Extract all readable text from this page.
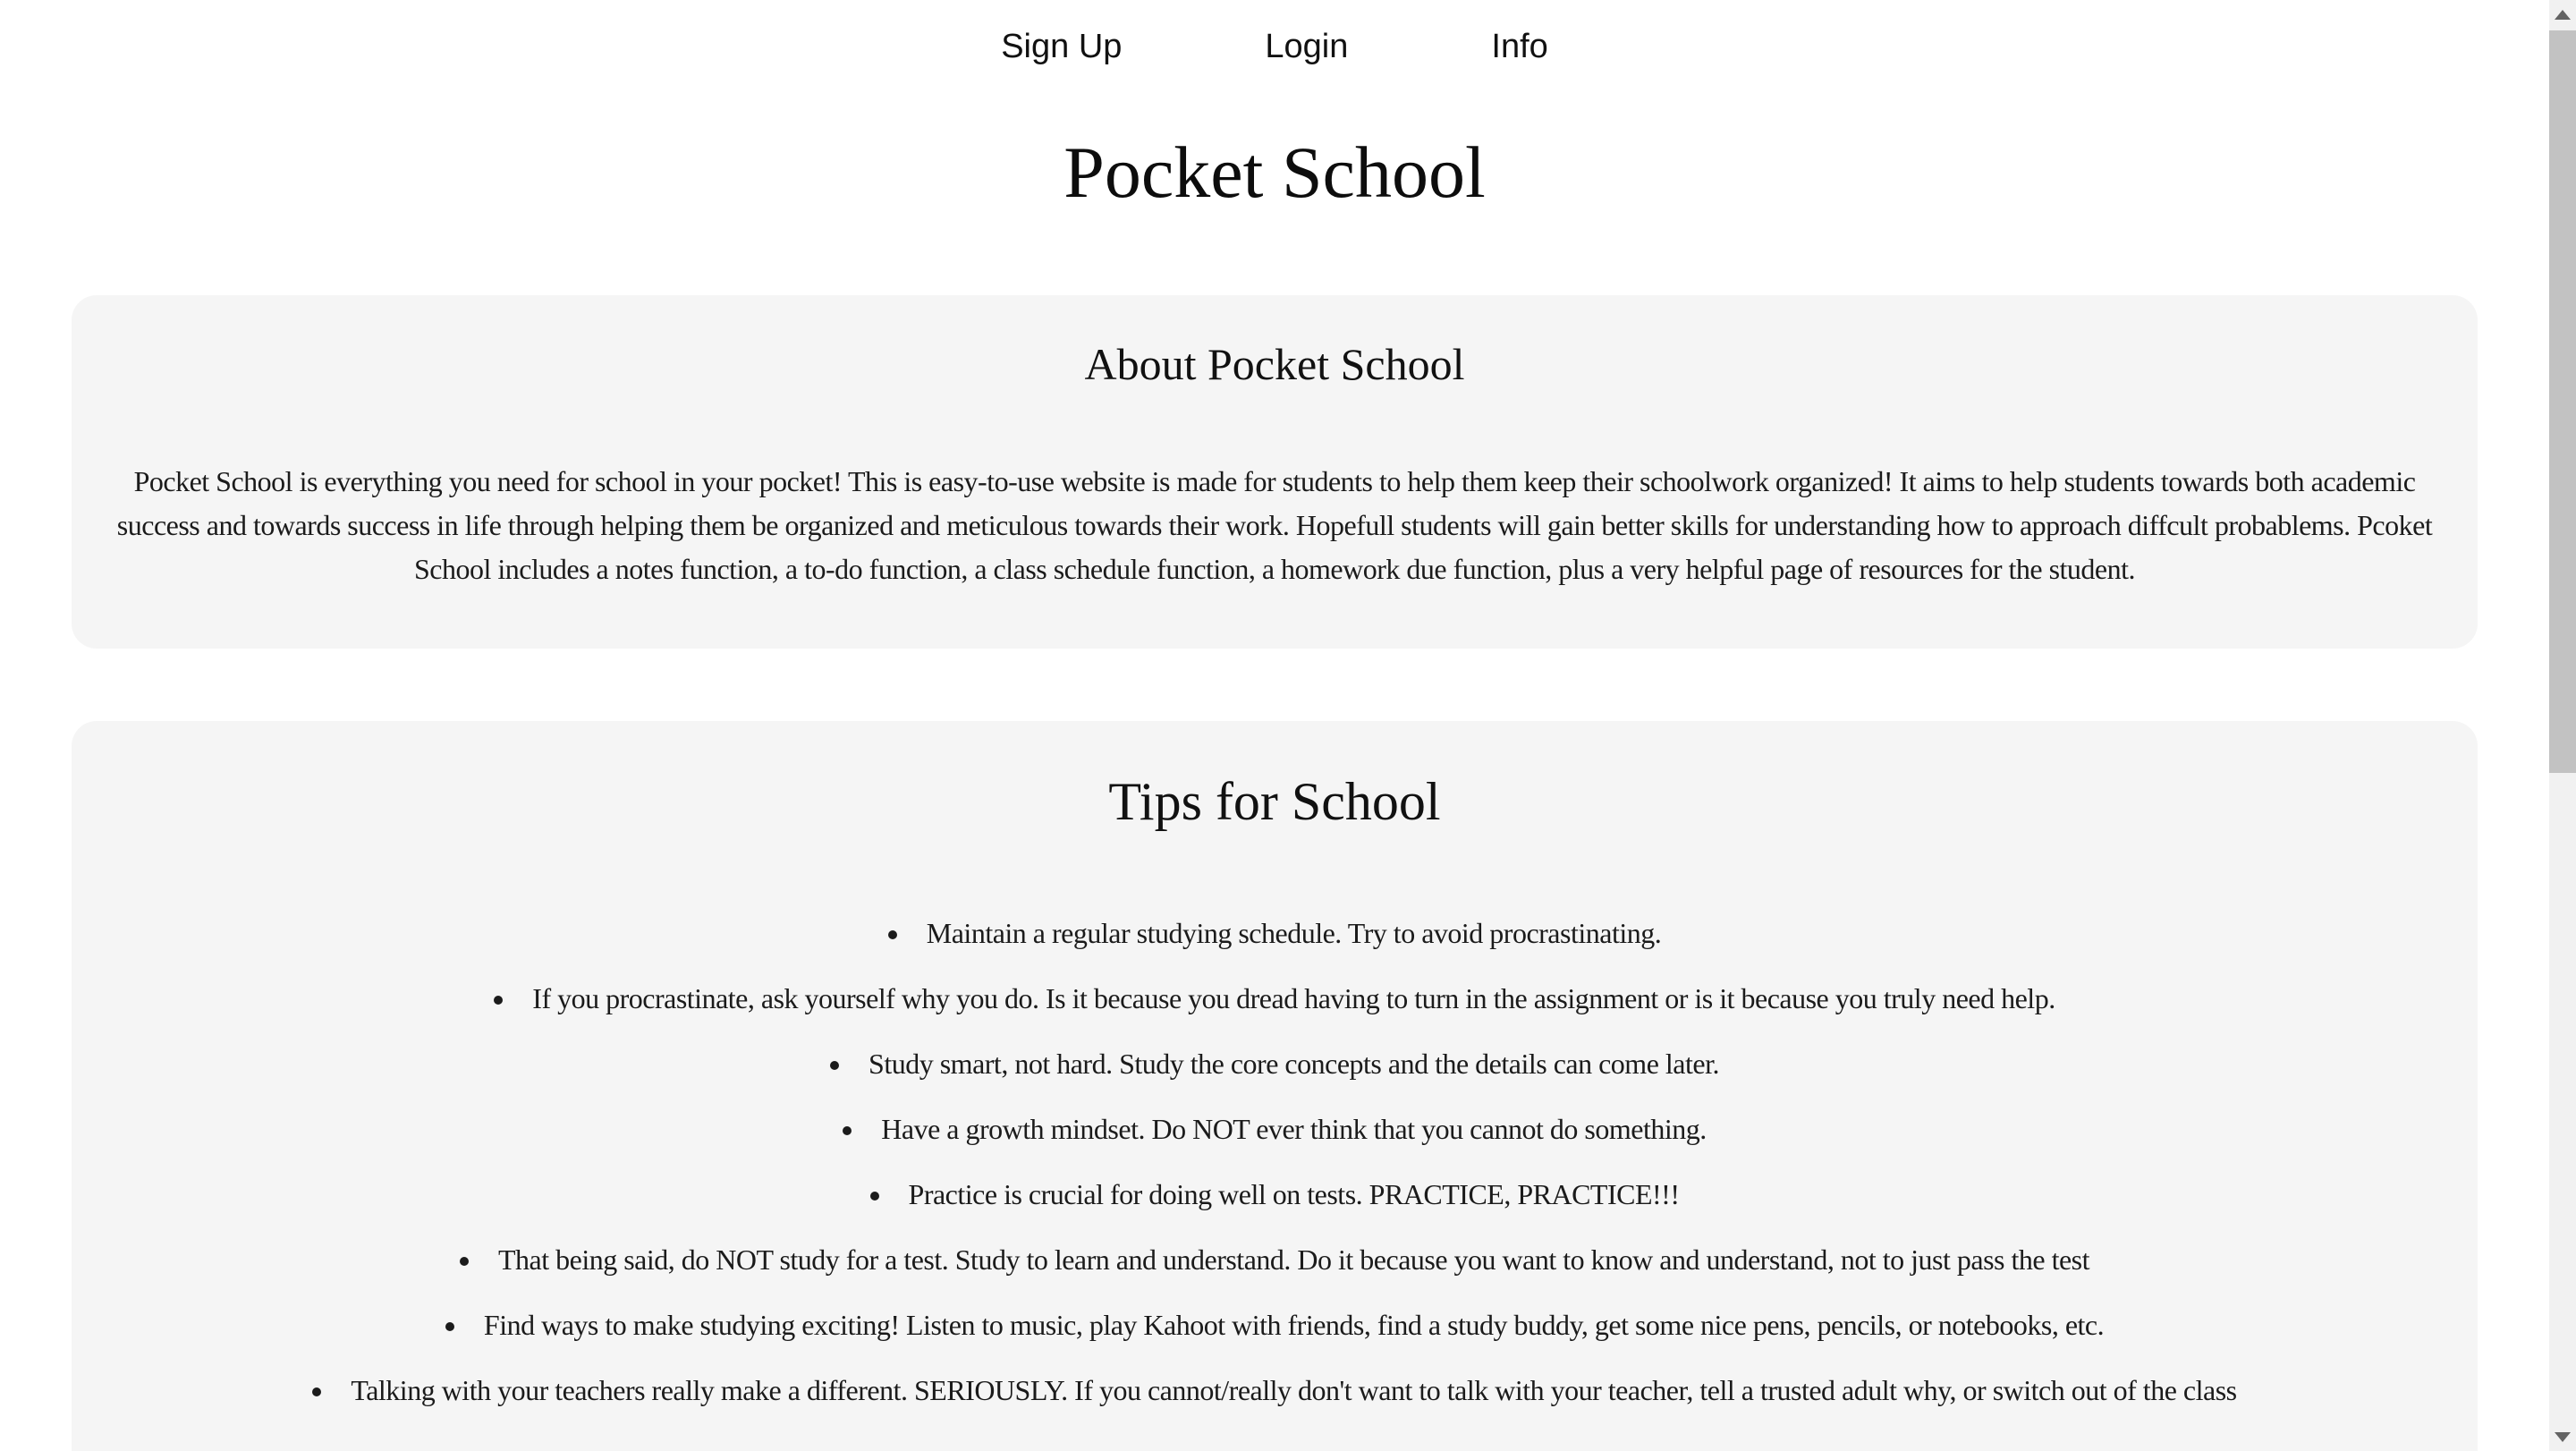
Sign Up	Login	Info
Pocket School
About Pocket School

Pocket School is everything you need for school in your pocket! This is easy-to-use website is made for students to help them keep their schoolwork organized! It aims to help students towards both academic success and towards success in life through helping them be organized and meticulous towards their work. Hopefull students will gain better skills for understanding how to approach diffcult probablems. Pcoket School includes a notes function, a to-do function, a class schedule function, a homework due function, plus a very helpful page of resources for the student.

Tips for School
• Maintain a regular studying schedule. Try to avoid procrastinating.
• If you procrastinate, ask yourself why you do. Is it because you dread having to turn in the assignment or is it because you truly need help.
• Study smart, not hard. Study the core concepts and the details can come later.
• Have a growth mindset. Do NOT ever think that you cannot do something.
• Practice is crucial for doing well on tests. PRACTICE, PRACTICE!!!
• That being said, do NOT study for a test. Study to learn and understand. Do it because you want to know and understand, not to just pass the test
• Find ways to make studying exciting! Listen to music, play Kahoot with friends, find a study buddy, get some nice pens, pencils, or notebooks, etc.
• Talking with your teachers really make a different. SERIOUSLY. If you cannot/really don't want to talk with your teacher, tell a trusted adult why, or switch out of the class
